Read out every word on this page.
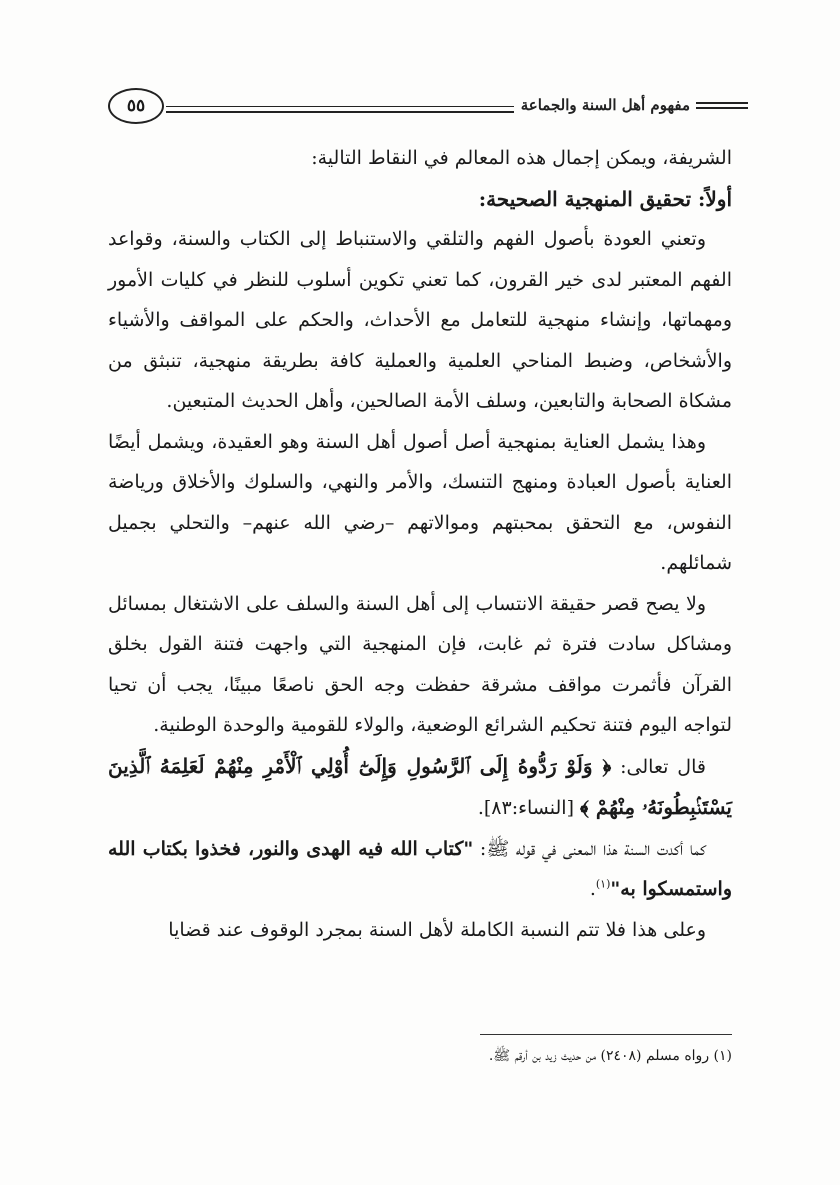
مفهوم أهل السنة والجماعة
٥٥

الشريفة، ويمكن إجمال هذه المعالم في النقاط التالية:

أولاً: تحقيق المنهجية الصحيحة:

وتعني العودة بأصول الفهم والتلقي والاستنباط إلى الكتاب والسنة، وقواعد الفهم المعتبر لدى خير القرون، كما تعني تكوين أسلوب للنظر في كليات الأمور ومهماتها، وإنشاء منهجية للتعامل مع الأحداث، والحكم على المواقف والأشياء والأشخاص، وضبط المناحي العلمية والعملية كافة بطريقة منهجية، تنبثق من مشكاة الصحابة والتابعين، وسلف الأمة الصالحين، وأهل الحديث المتبعين.

وهذا يشمل العناية بمنهجية أصل أصول أهل السنة وهو العقيدة، ويشمل أيضًا العناية بأصول العبادة ومنهج التنسك، والأمر والنهي، والسلوك والأخلاق ورياضة النفوس، مع التحقق بمحبتهم وموالاتهم –رضي الله عنهم– والتحلي بجميل شمائلهم.

ولا يصح قصر حقيقة الانتساب إلى أهل السنة والسلف على الاشتغال بمسائل ومشاكل سادت فترة ثم غابت، فإن المنهجية التي واجهت فتنة القول بخلق القرآن فأثمرت مواقف مشرقة حفظت وجه الحق ناصعًا مبينًا، يجب أن تحيا لتواجه اليوم فتنة تحكيم الشرائع الوضعية، والولاء للقومية والوحدة الوطنية.

قال تعالى: ﴿ وَلَوْ رَدُّوهُ إِلَى ٱلرَّسُولِ وَإِلَىٰٓ أُوْلِي ٱلْأَمْرِ مِنْهُمْ لَعَلِمَهُ ٱلَّذِينَ يَسْتَنۢبِطُونَهُۥ مِنْهُمْ ﴾ [النساء:٨٣].

كما أكدت السنة هذا المعنى في قوله ﷺ: "كتاب الله فيه الهدى والنور، فخذوا بكتاب الله واستمسكوا به"$^{(١)}$.

وعلى هذا فلا تتم النسبة الكاملة لأهل السنة بمجرد الوقوف عند قضايا

(١) رواه مسلم (٢٤٠٨) من حديث زيد بن أرقم ﷺ.
